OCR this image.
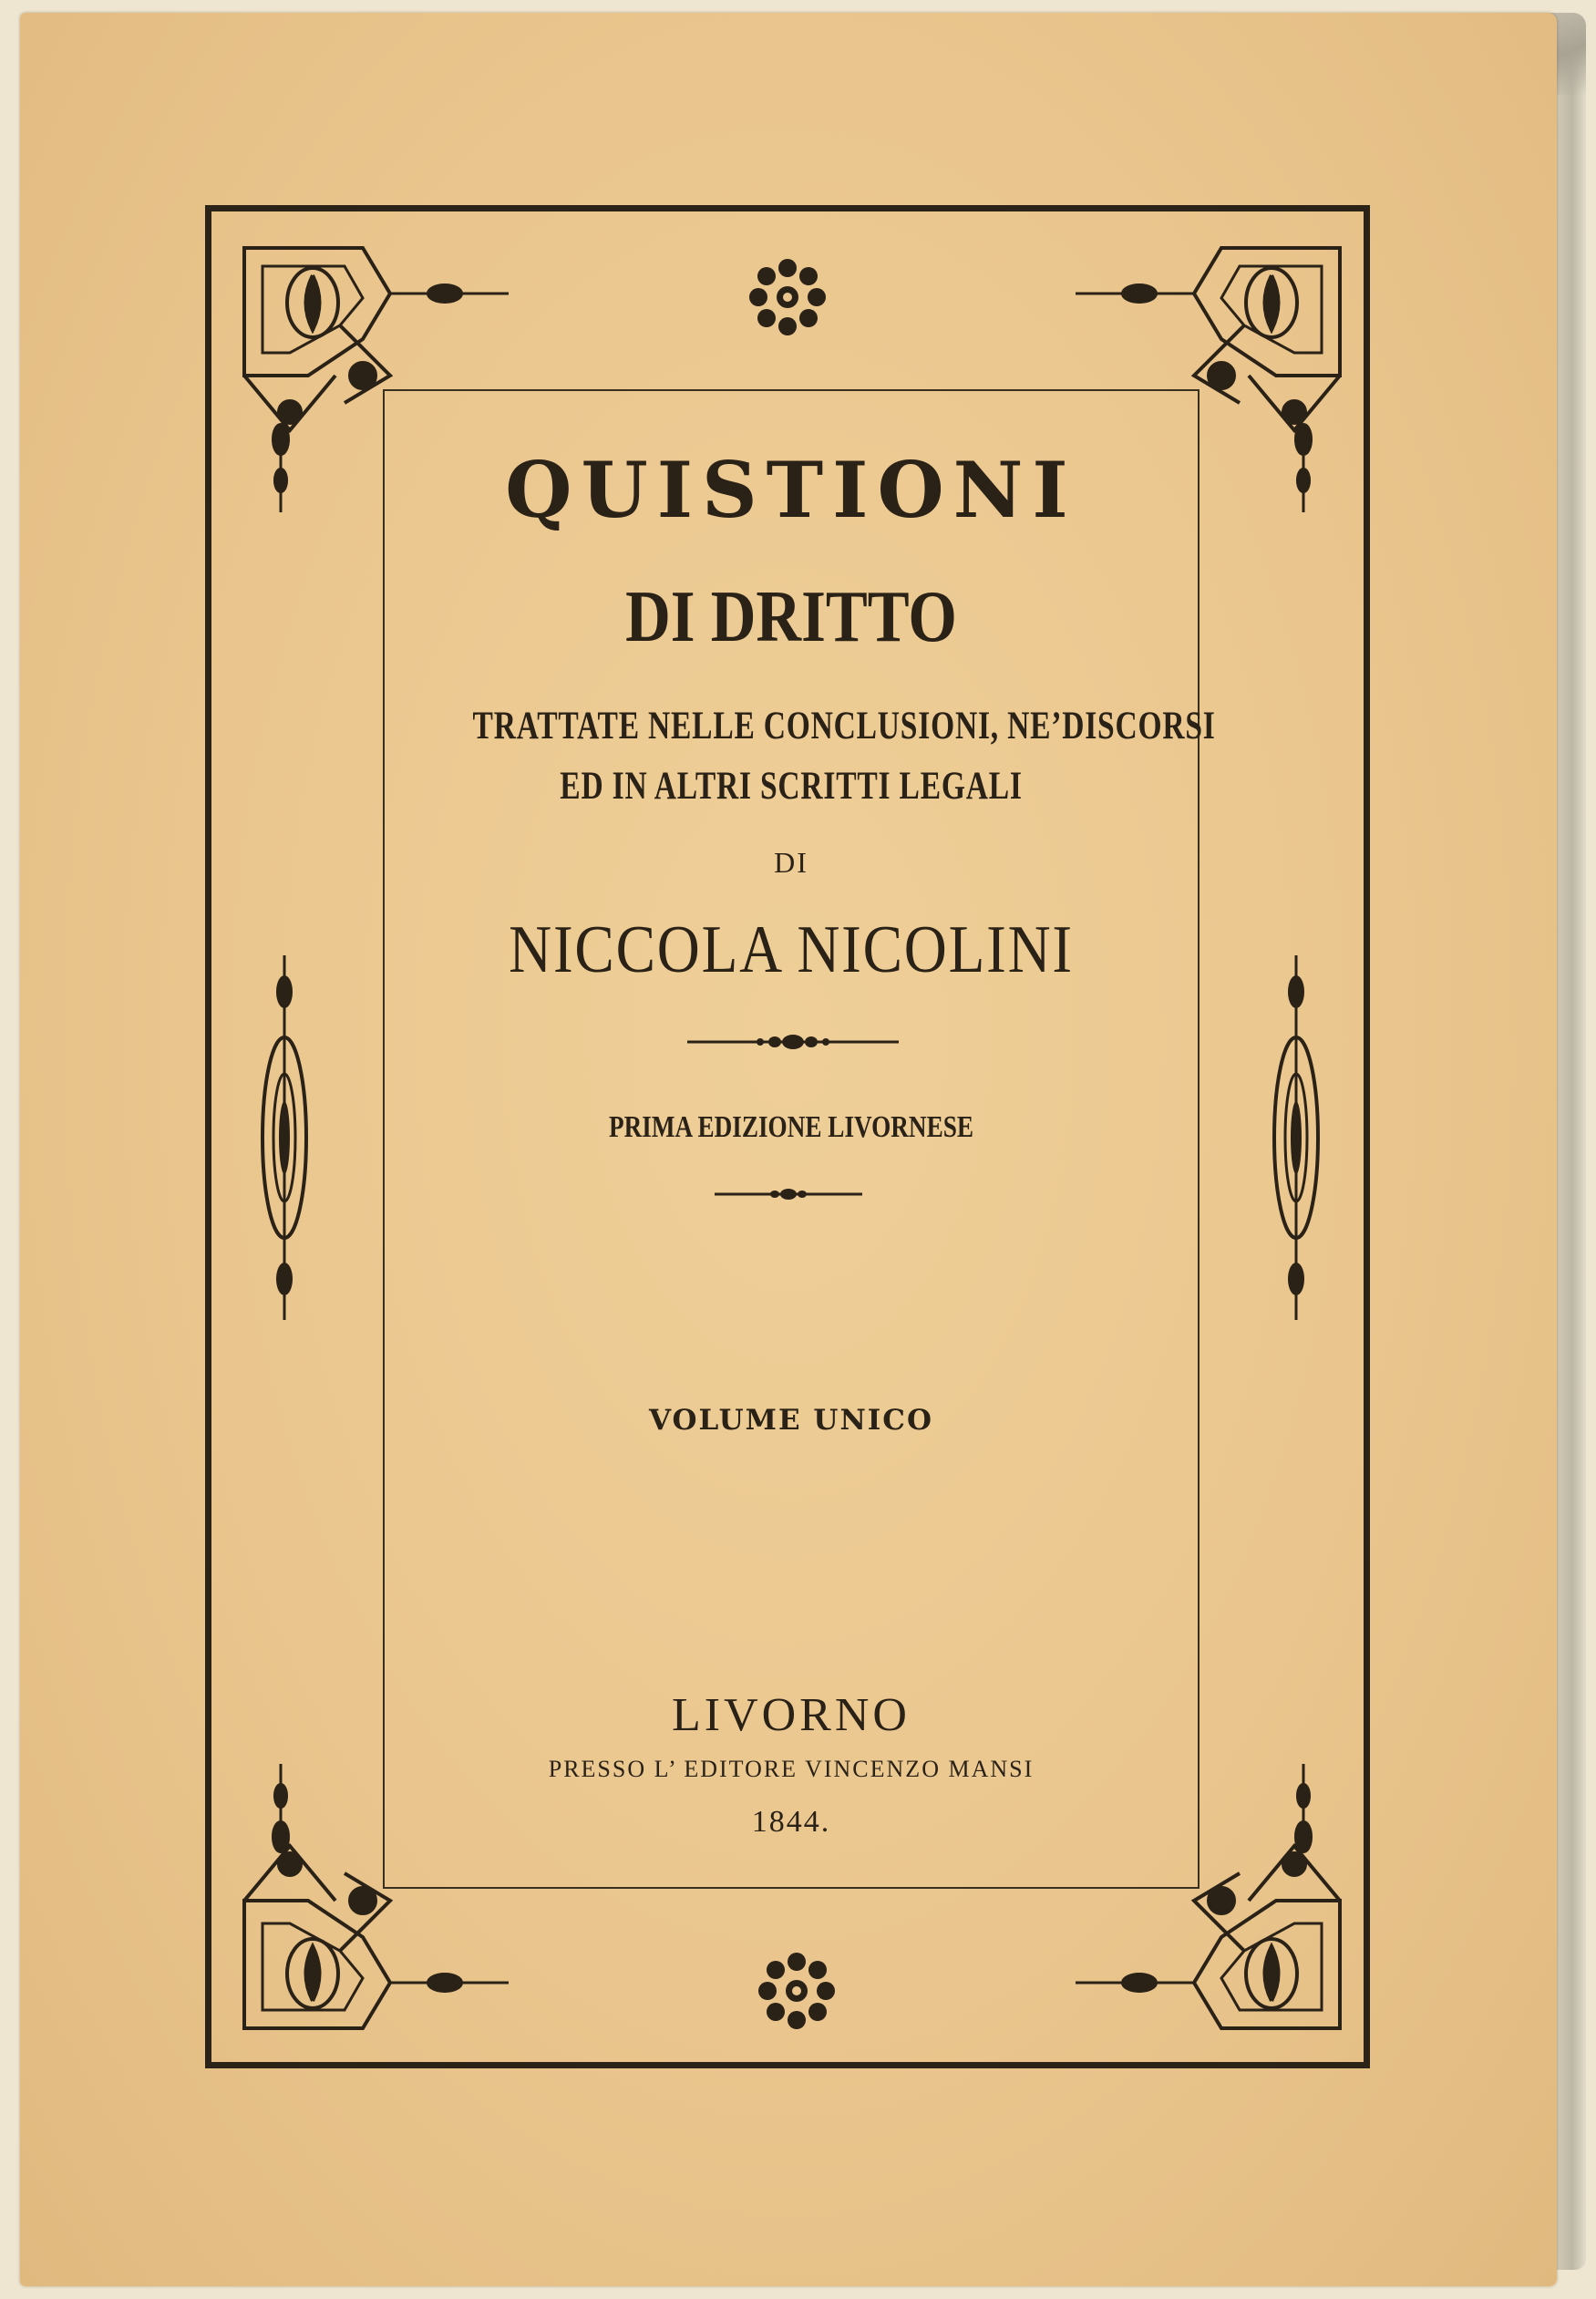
QUISTIONI
DI DRITTO
TRATTATE NELLE CONCLUSIONI, NE’DISCORSI
ED IN ALTRI SCRITTI LEGALI
DI
NICCOLA NICOLINI
PRIMA EDIZIONE LIVORNESE
VOLUME UNICO
LIVORNO
PRESSO L’ EDITORE VINCENZO MANSI
1844.
